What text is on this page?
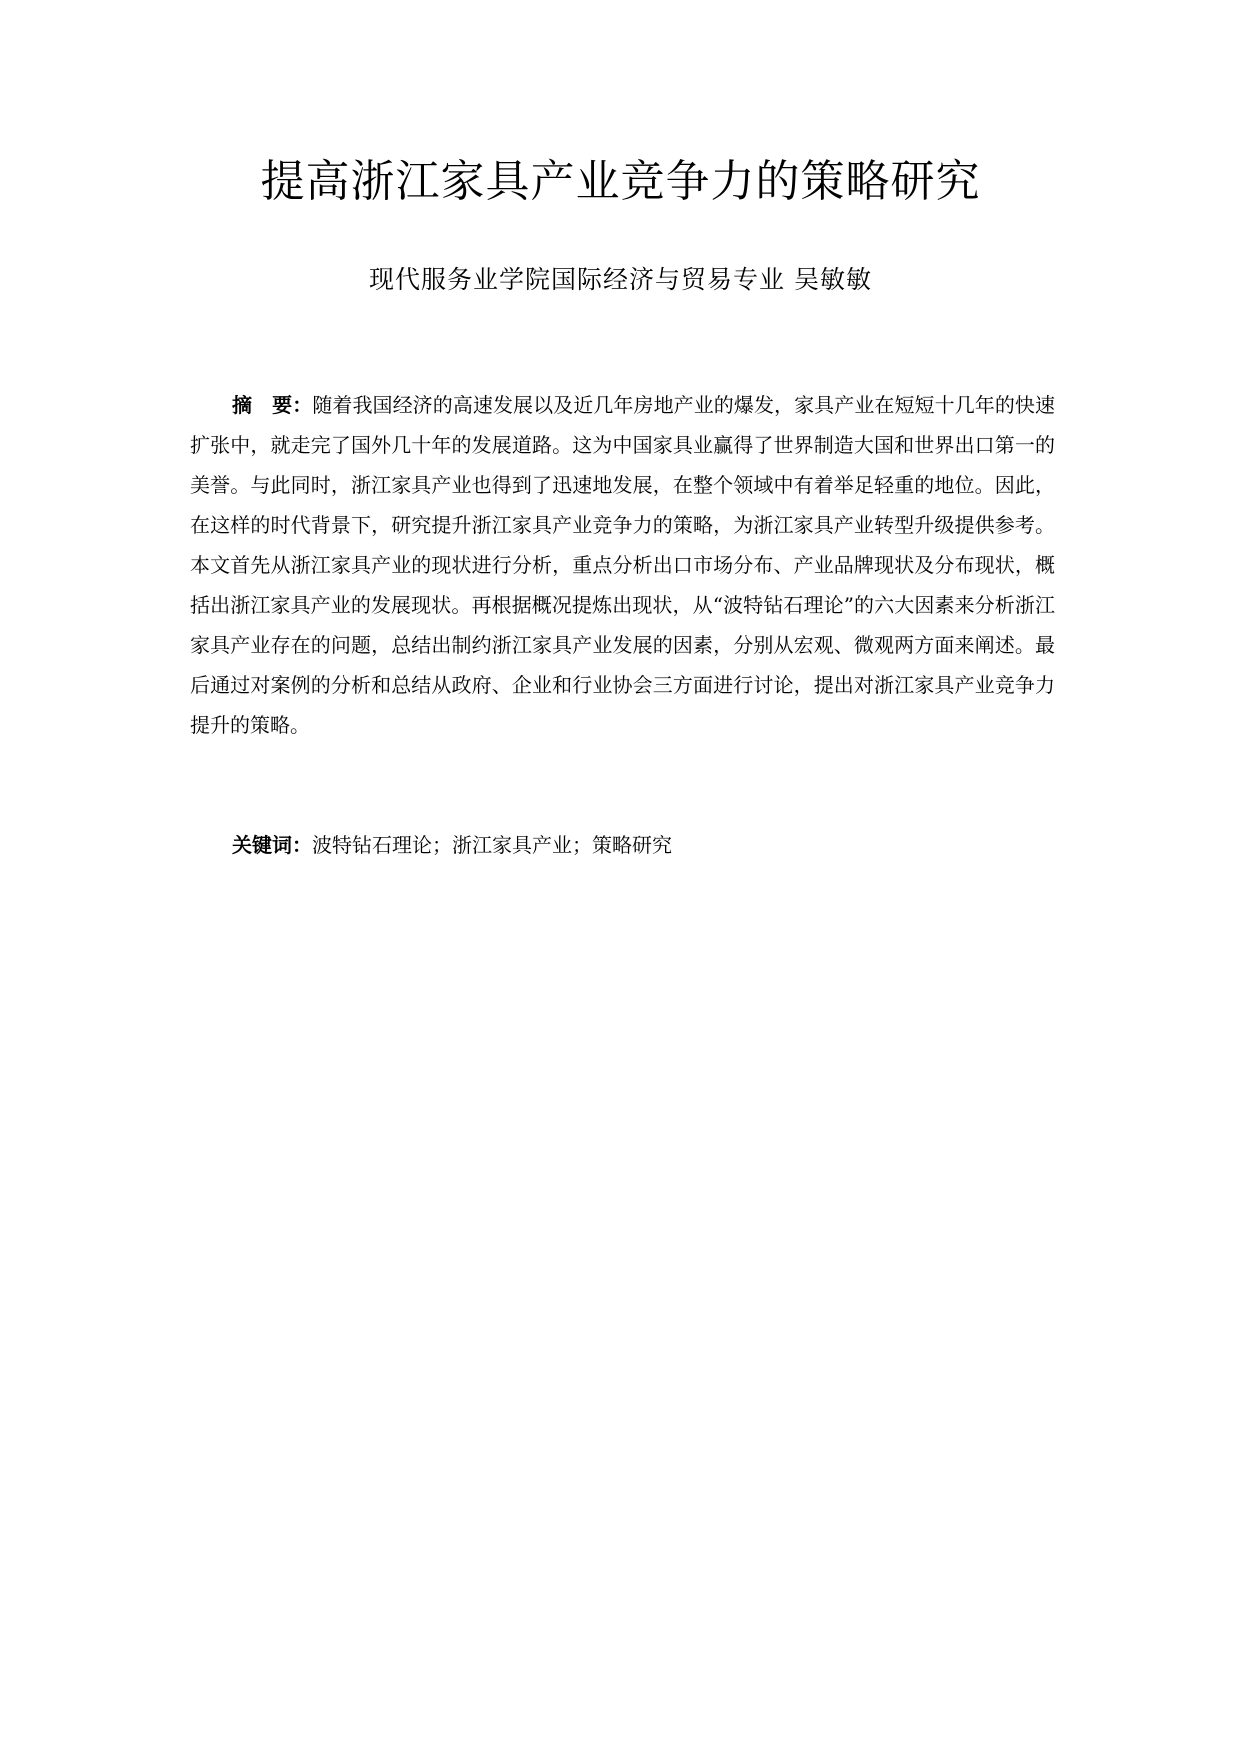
提高浙江家具产业竞争力的策略研究
现代服务业学院国际经济与贸易专业 吴敏敏

摘　要：随着我国经济的高速发展以及近几年房地产业的爆发，家具产业在短短十几年的快速扩张中，就走完了国外几十年的发展道路。这为中国家具业赢得了世界制造大国和世界出口第一的美誉。与此同时，浙江家具产业也得到了迅速地发展，在整个领域中有着举足轻重的地位。因此，在这样的时代背景下，研究提升浙江家具产业竞争力的策略，为浙江家具产业转型升级提供参考。本文首先从浙江家具产业的现状进行分析，重点分析出口市场分布、产业品牌现状及分布现状，概括出浙江家具产业的发展现状。再根据概况提炼出现状，从“波特钻石理论”的六大因素来分析浙江家具产业存在的问题，总结出制约浙江家具产业发展的因素，分别从宏观、微观两方面来阐述。最后通过对案例的分析和总结从政府、企业和行业协会三方面进行讨论，提出对浙江家具产业竞争力提升的策略。

关键词：波特钻石理论；浙江家具产业；策略研究
